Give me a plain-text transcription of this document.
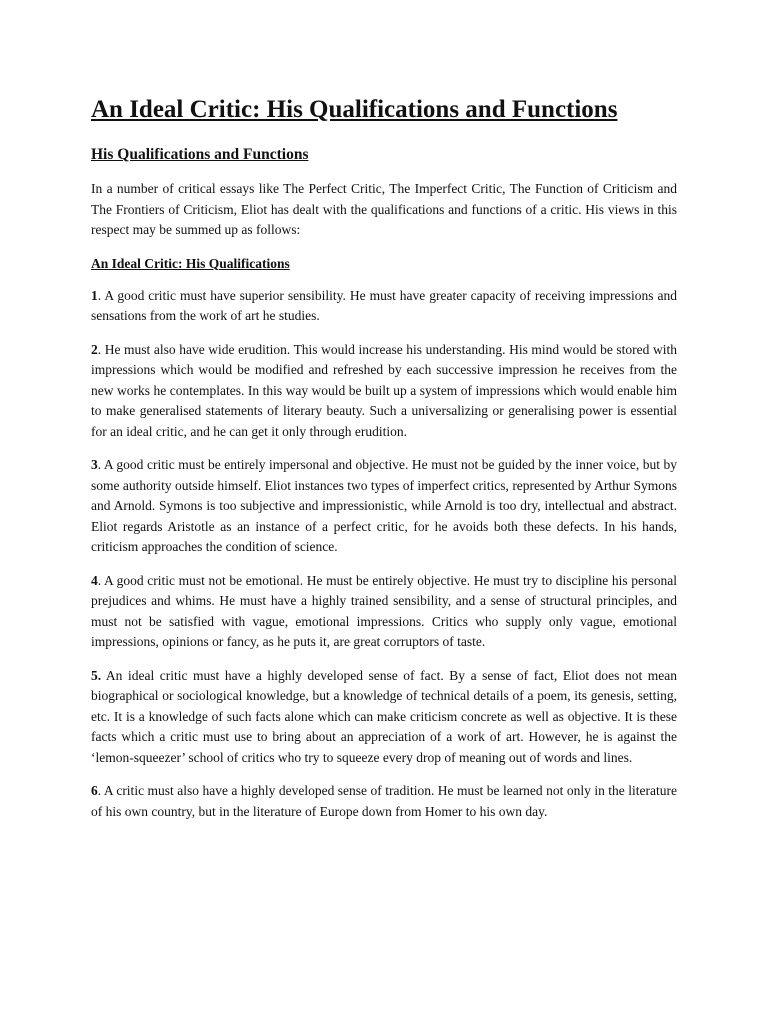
An Ideal Critic: His Qualifications and Functions
His Qualifications and Functions

In a number of critical essays like The Perfect Critic, The Imperfect Critic, The Function of Criticism and The Frontiers of Criticism, Eliot has dealt with the qualifications and functions of a critic. His views in this respect may be summed up as follows:

An Ideal Critic: His Qualifications

1. A good critic must have superior sensibility. He must have greater capacity of receiving impressions and sensations from the work of art he studies.

2. He must also have wide erudition. This would increase his understanding. His mind would be stored with impressions which would be modified and refreshed by each successive impression he receives from the new works he contemplates. In this way would be built up a system of impressions which would enable him to make generalised statements of literary beauty. Such a universalizing or generalising power is essential for an ideal critic, and he can get it only through erudition.

3. A good critic must be entirely impersonal and objective. He must not be guided by the inner voice, but by some authority outside himself. Eliot instances two types of imperfect critics, represented by Arthur Symons and Arnold. Symons is too subjective and impressionistic, while Arnold is too dry, intellectual and abstract. Eliot regards Aristotle as an instance of a perfect critic, for he avoids both these defects. In his hands, criticism approaches the condition of science.

4. A good critic must not be emotional. He must be entirely objective. He must try to discipline his personal prejudices and whims. He must have a highly trained sensibility, and a sense of structural principles, and must not be satisfied with vague, emotional impressions. Critics who supply only vague, emotional impressions, opinions or fancy, as he puts it, are great corruptors of taste.

5. An ideal critic must have a highly developed sense of fact. By a sense of fact, Eliot does not mean biographical or sociological knowledge, but a knowledge of technical details of a poem, its genesis, setting, etc. It is a knowledge of such facts alone which can make criticism concrete as well as objective. It is these facts which a critic must use to bring about an appreciation of a work of art. However, he is against the ‘lemon-squeezer’ school of critics who try to squeeze every drop of meaning out of words and lines.

6. A critic must also have a highly developed sense of tradition. He must be learned not only in the literature of his own country, but in the literature of Europe down from Homer to his own day.
